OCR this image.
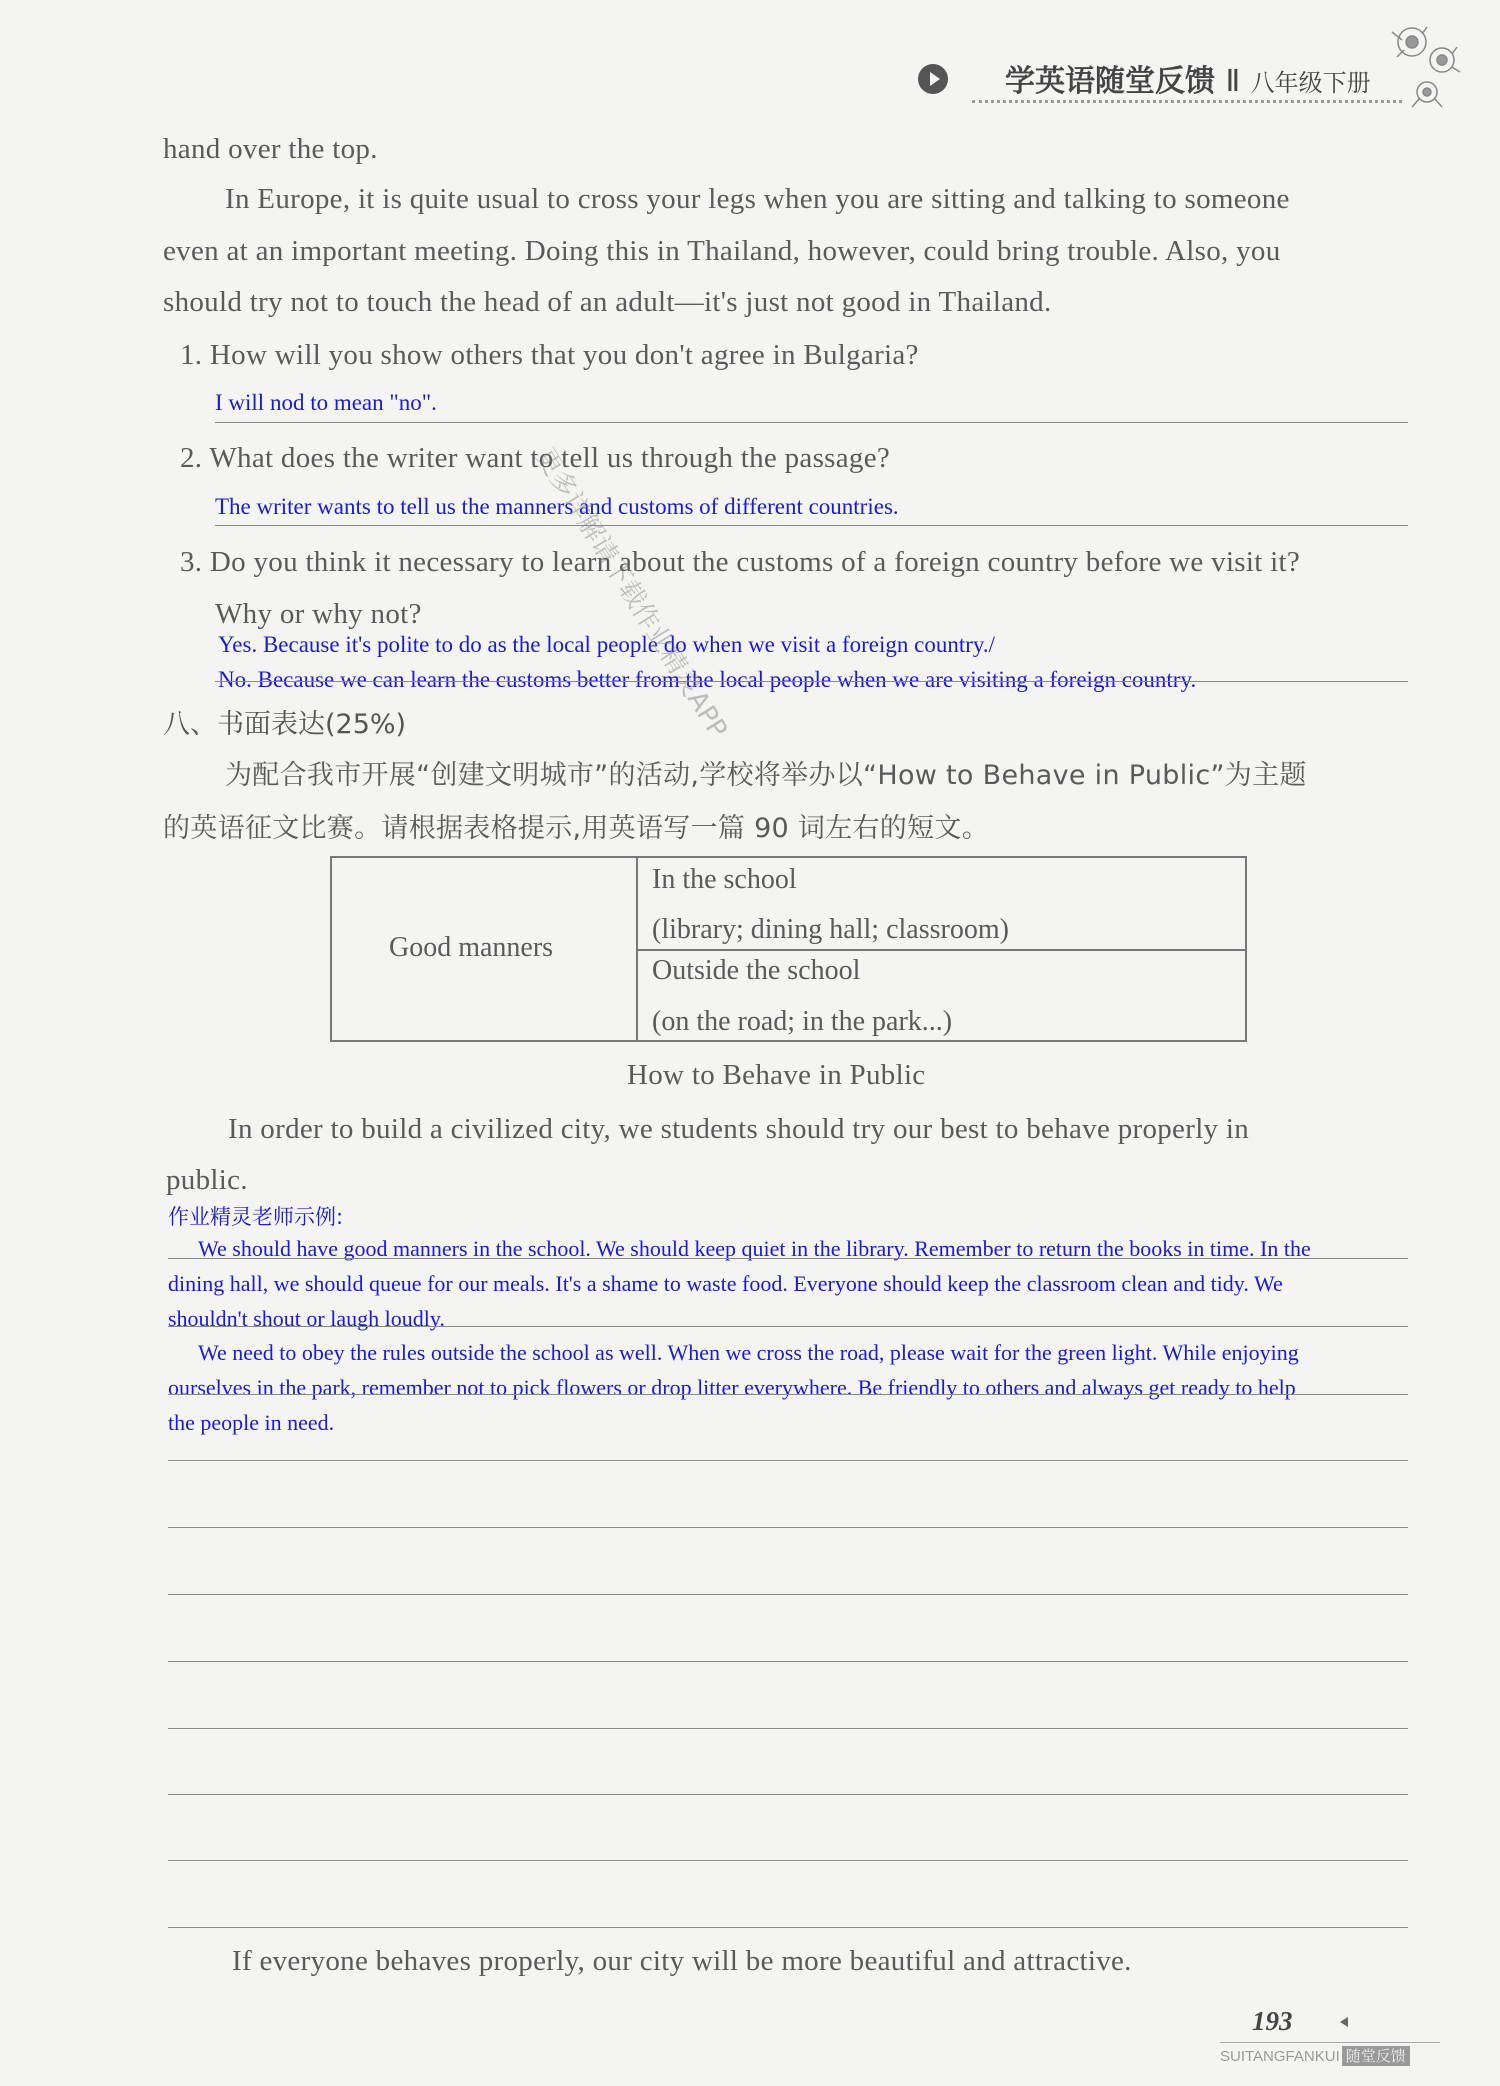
学英语随堂反馈 Ⅱ 八年级下册
hand over the top.
In Europe, it is quite usual to cross your legs when you are sitting and talking to someone
even at an important meeting. Doing this in Thailand, however, could bring trouble. Also, you
should try not to touch the head of an adult—it's just not good in Thailand.
1. How will you show others that you don't agree in Bulgaria?
I will nod to mean "no".
2. What does the writer want to tell us through the passage?
The writer wants to tell us the manners and customs of different countries.
3. Do you think it necessary to learn about the customs of a foreign country before we visit it?
Why or why not?
Yes. Because it's polite to do as the local people do when we visit a foreign country./
No. Because we can learn the customs better from the local people when we are visiting a foreign country.
八、书面表达(25%)
为配合我市开展“创建文明城市”的活动,学校将举办以“How to Behave in Public”为主题
的英语征文比赛。请根据表格提示,用英语写一篇 90 词左右的短文。
Good manners
In the school
(library; dining hall; classroom)
Outside the school
(on the road; in the park...)
How to Behave in Public
In order to build a civilized city, we students should try our best to behave properly in
public.
作业精灵老师示例:
We should have good manners in the school. We should keep quiet in the library. Remember to return the books in time. In the
dining hall, we should queue for our meals. It's a shame to waste food. Everyone should keep the classroom clean and tidy. We
shouldn't shout or laugh loudly.
We need to obey the rules outside the school as well. When we cross the road, please wait for the green light. While enjoying
ourselves in the park, remember not to pick flowers or drop litter everywhere. Be friendly to others and always get ready to help
the people in need.
If everyone behaves properly, our city will be more beautiful and attractive.
更多详解请下载作业精灵APP
193
SUITANGFANKUI 随堂反馈
